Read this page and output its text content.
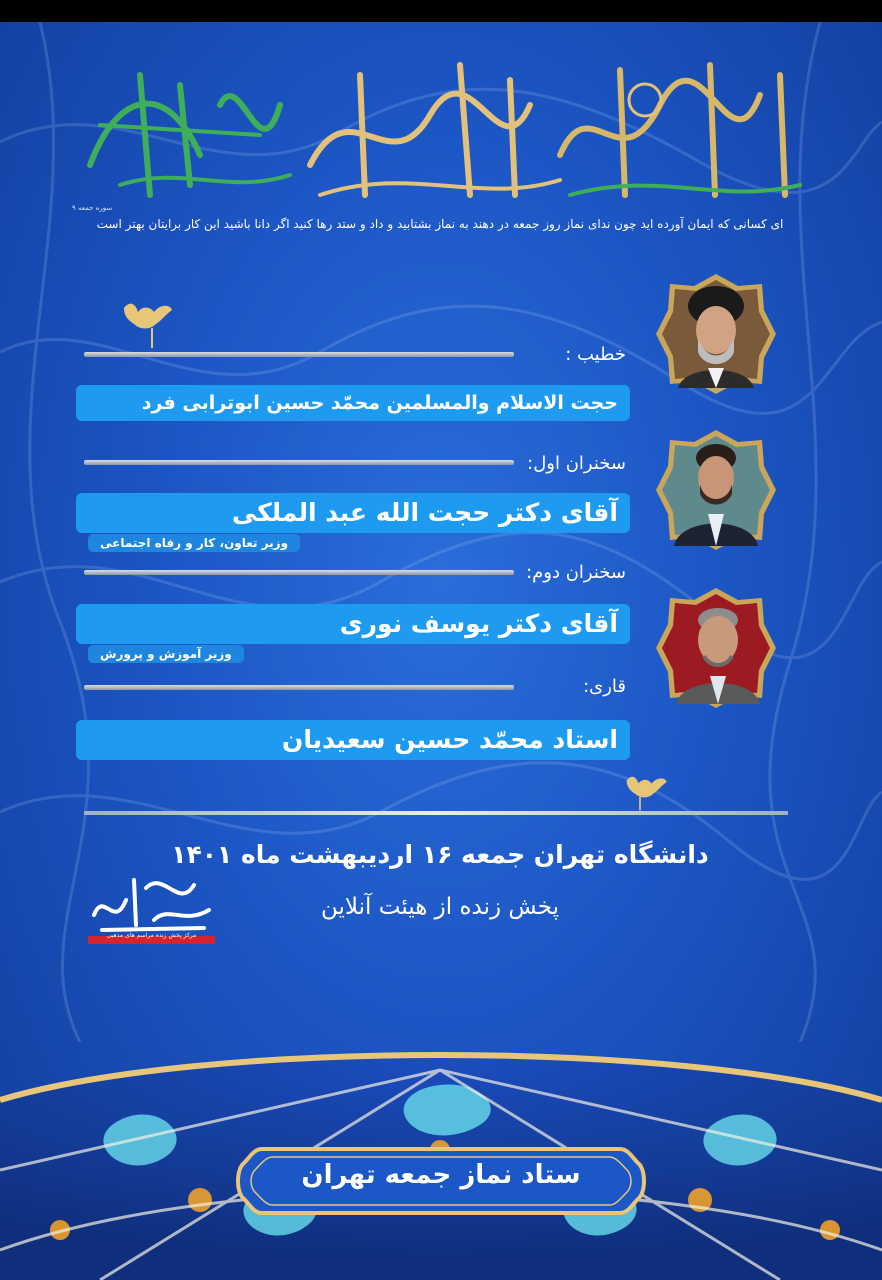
سوره جمعه ۹
ای کسانی که ایمان آورده اید چون ندای نماز روز جمعه در دهند به نماز بشتابید و داد و ستد رها کنید اگر دانا باشید این کار برایتان بهتر است
خطیب :
حجت الاسلام والمسلمین محمّد حسین ابوترابی فرد
سخنران اول:
آقای دکتر حجت الله عبد الملکی
وزیر تعاون، کار و رفاه اجتماعی
سخنران دوم:
آقای دکتر یوسف نوری
وزیر آموزش و پرورش
قاری:
استاد محمّد حسین سعیدیان
مرکز پخش زنده مراسم های مذهبی
دانشگاه تهران جمعه ۱۶ اردیبهشت ماه ۱۴۰۱
پخش زنده از هیئت آنلاین
ستاد نماز جمعه تهران
